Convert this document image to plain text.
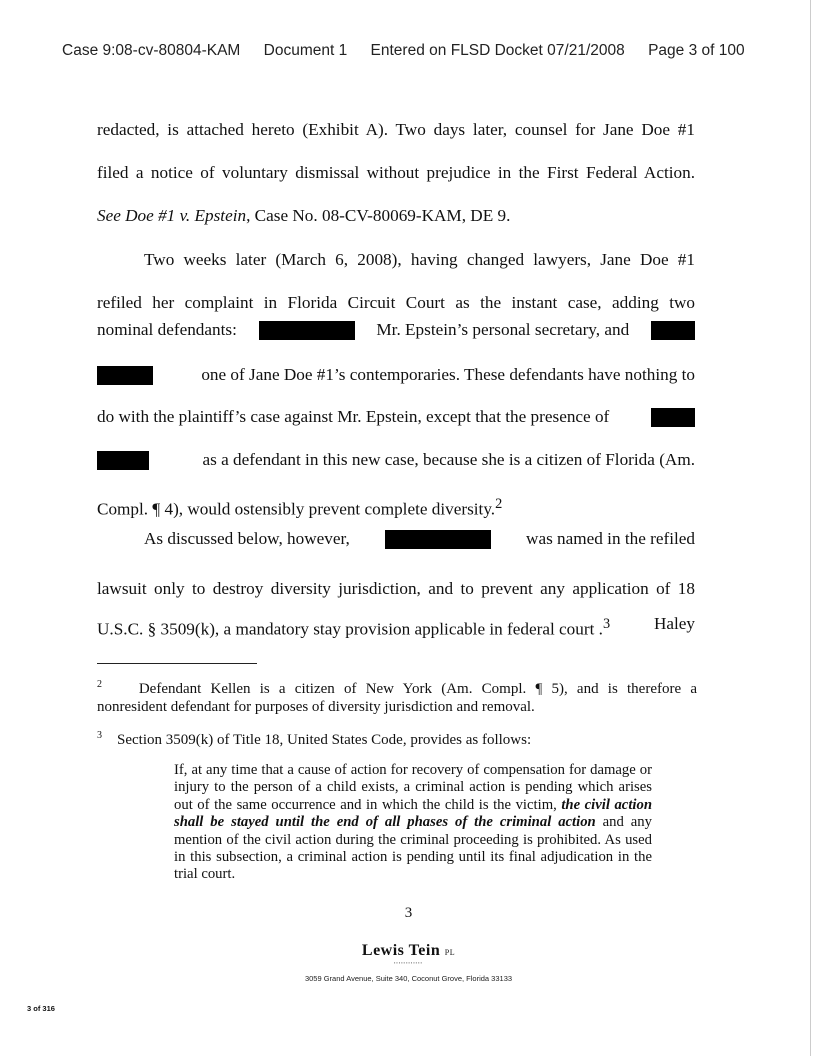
Case 9:08-cv-80804-KAM Document 1 Entered on FLSD Docket 07/21/2008 Page 3 of 100
redacted, is attached hereto (Exhibit A). Two days later, counsel for Jane Doe #1
filed a notice of voluntary dismissal without prejudice in the First Federal Action.
See Doe #1 v. Epstein, Case No. 08-CV-80069-KAM, DE 9.
Two weeks later (March 6, 2008), having changed lawyers, Jane Doe #1
refiled her complaint in Florida Circuit Court as the instant case, adding two
nominal defendants:	Mr. Epstein’s personal secretary, and
one of Jane Doe #1’s contemporaries. These defendants have nothing to
do with the plaintiff’s case against Mr. Epstein, except that the presence of
as a defendant in this new case, because she is a citizen of Florida (Am.
Compl. ¶ 4), would ostensibly prevent complete diversity.$^2$
As discussed below, however,	was named in the refiled
lawsuit only to destroy diversity jurisdiction, and to prevent any application of 18
U.S.C. § 3509(k), a mandatory stay provision applicable in federal court .$^3$	Haley
$^2$ Defendant Kellen is a citizen of New York (Am. Compl. ¶ 5), and is therefore a
nonresident defendant for purposes of diversity jurisdiction and removal.
$^3$ Section 3509(k) of Title 18, United States Code, provides as follows:
If, at any time that a cause of action for recovery of compensation for damage or injury to the person of a child exists, a criminal action is pending which arises out of the same occurrence and in which the child is the victim, the civil action shall be stayed until the end of all phases of the criminal action and any mention of the civil action during the criminal proceeding is prohibited. As used in this subsection, a criminal action is pending until its final adjudication in the trial court.
3
Lewis Tein PL
▪▪▪▪▪▪▪▪▪▪▪▪
3059 Grand Avenue, Suite 340, Coconut Grove, Florida 33133
3 of 316
